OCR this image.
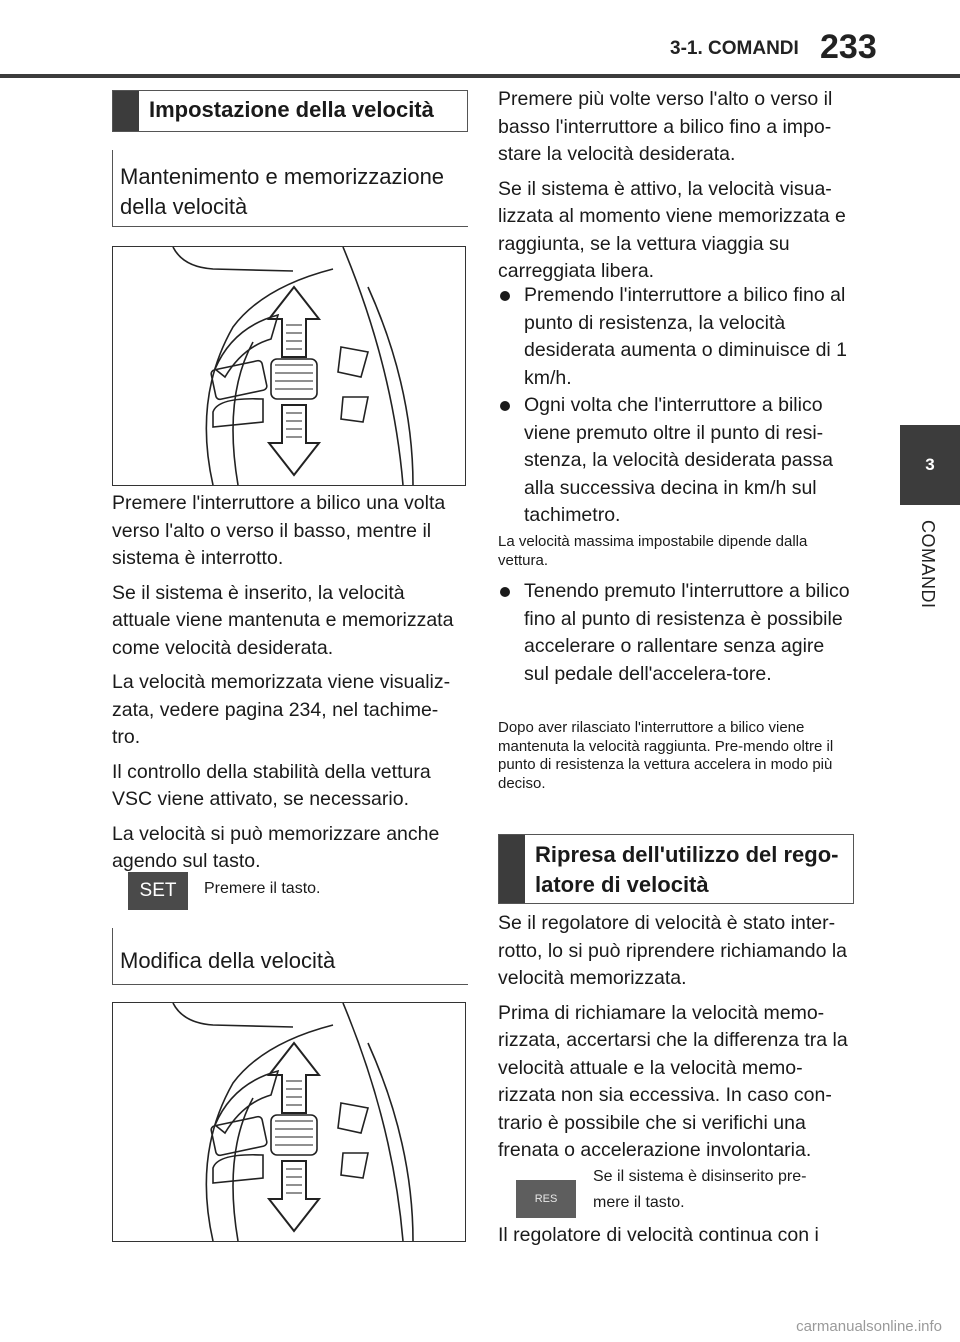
3-1. COMANDI 233
3
COMANDI
Impostazione della velocità
Mantenimento e memorizzazione della velocità
Premere l'interruttore a bilico una volta verso l'alto o verso il basso, mentre il sistema è interrotto.
Se il sistema è inserito, la velocità attuale viene mantenuta e memorizzata come velocità desiderata.
La velocità memorizzata viene visualiz-zata, vedere pagina 234, nel tachime-tro.
Il controllo della stabilità della vettura VSC viene attivato, se necessario.
La velocità si può memorizzare anche agendo sul tasto.
SET	Premere il tasto.
Modifica della velocità
Premere più volte verso l'alto o verso il basso l'interruttore a bilico fino a impo-stare la velocità desiderata.
Se il sistema è attivo, la velocità visua-lizzata al momento viene memorizzata e raggiunta, se la vettura viaggia su carreggiata libera.
Premendo l'interruttore a bilico fino al punto di resistenza, la velocità desiderata aumenta o diminuisce di 1 km/h.
Ogni volta che l'interruttore a bilico viene premuto oltre il punto di resi-stenza, la velocità desiderata passa alla successiva decina in km/h sul tachimetro.
La velocità massima impostabile dipende dalla vettura.
Tenendo premuto l'interruttore a bilico fino al punto di resistenza è possibile accelerare o rallentare senza agire sul pedale dell'accelera-tore.
Dopo aver rilasciato l'interruttore a bilico viene mantenuta la velocità raggiunta. Pre-mendo oltre il punto di resistenza la vettura accelera in modo più deciso.
Ripresa dell'utilizzo del rego-latore di velocità
Se il regolatore di velocità è stato inter-rotto, lo si può riprendere richiamando la velocità memorizzata.
Prima di richiamare la velocità memo-rizzata, accertarsi che la differenza tra la velocità attuale e la velocità memo-rizzata non sia eccessiva. In caso con-trario è possibile che si verifichi una frenata o accelerazione involontaria.
RES
Se il sistema è disinserito pre-mere il tasto.
Il regolatore di velocità continua con i
carmanualsonline.info
